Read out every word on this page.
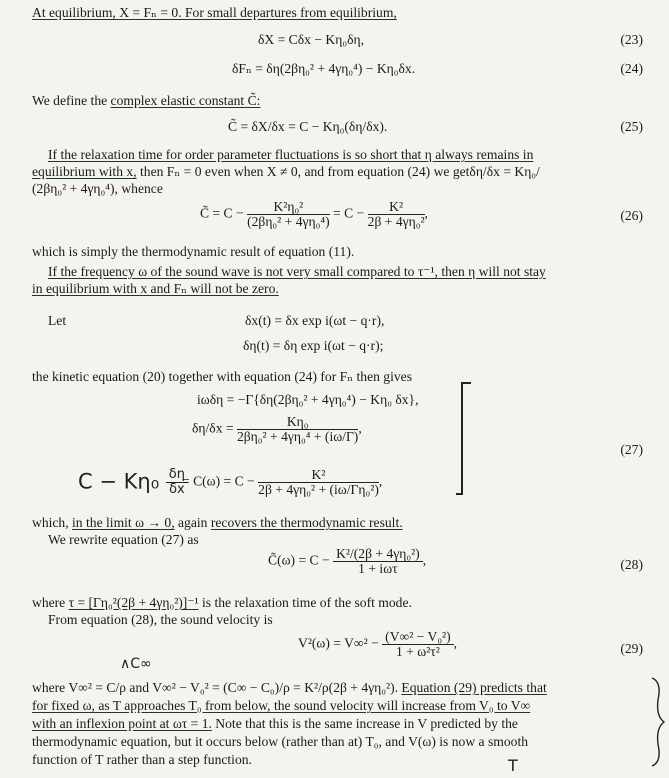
At equilibrium, X = Fₙ = 0. For small departures from equilibrium,
δX = Cδx − Kη₀δη,	(23)
δFₙ = δη(2βη₀² + 4γη₀⁴) − Kη₀δx.	(24)
We define the complex elastic constant C̃:
C̃ = δX/δx = C − Kη₀(δη/δx).	(25)
If the relaxation time for order parameter fluctuations is so short that η always remains in
equilibrium with x, then Fₙ = 0 even when X ≠ 0, and from equation (24) we getδη/δx = Kη₀/
(2βη₀² + 4γη₀⁴), whence
C̃ = $C - \frac{\text{K²η₀²}}{\text{(2βη₀² + 4γη₀⁴)}} = C - \frac{\text{K²}}{\text{2β + 4γη₀²}}$ ,	(26)
which is simply the thermodynamic result of equation (11).
If the frequency ω of the sound wave is not very small compared to τ⁻¹, then η will not stay
in equilibrium with x and Fₙ will not be zero.
Let	δx(t) = δx exp i(ωt − q·r),
δη(t) = δη exp i(ωt − q·r);
the kinetic equation (20) together with equation (24) for Fₙ then gives
iωδη = −Γ{δη(2βη₀² + 4γη₀⁴) − Kη₀ δx},
$\delta\eta/\delta x = \frac{\text{Kη₀}}{\text{2βη₀² + 4γη₀⁴ + (iω/Γ)}}$ ,
$C - K\eta_0 \frac{\delta\eta}{\delta x}$
= $C(\omega) = C - \frac{\text{K²}}{\text{2β + 4γη₀² + (iω/Γη₀²)}}$ ,
(27)
which, in the limit ω → 0, again recovers the thermodynamic result.
We rewrite equation (27) as
C̃(ω) = $C - \frac{\text{K²/(2β + 4γη₀²)}}{\text{1 + iωτ}}$ ,	(28)
where τ = [Γη₀²(2β + 4γη₀²)]⁻¹ is the relaxation time of the soft mode.
From equation (28), the sound velocity is
$V^2(\omega) = V\infty^2 - \frac{\text{(V∞² − V₀²)}}{\text{1 + ω²τ²}}$ ,	(29)
∧C∞
where V∞² = C/ρ and V∞² − V₀² = (C∞ − C₀)/ρ = K²/ρ(2β + 4γη₀²). Equation (29) predicts that
for fixed ω, as T approaches T₀ from below, the sound velocity will increase from V₀ to V∞
with an inflexion point at ωτ = 1. Note that this is the same increase in V predicted by the
thermodynamic equation, but it occurs below (rather than at) T₀, and V(ω) is now a smooth
function of T rather than a step function.	T
